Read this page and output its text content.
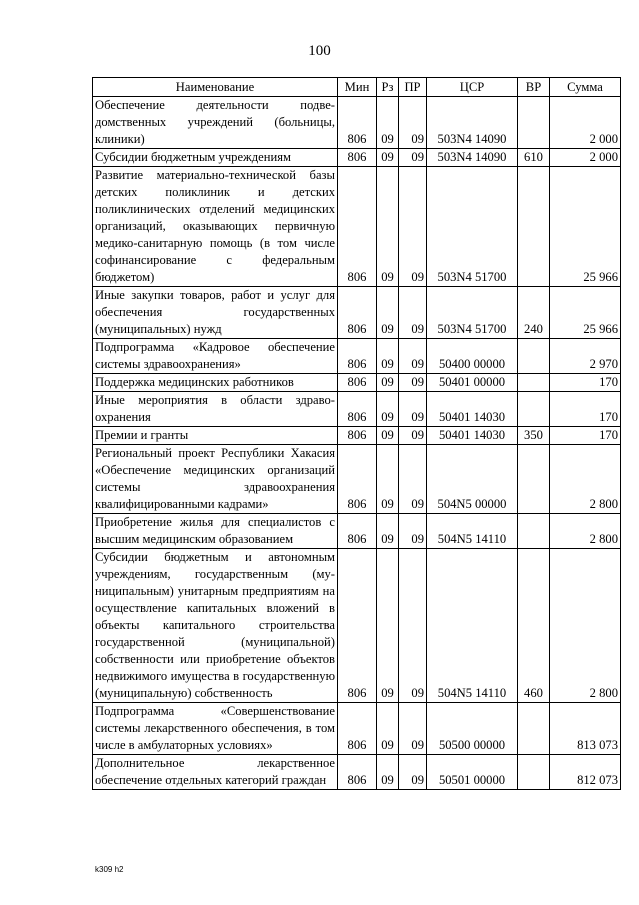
100
Наименование	Мин	Рз	ПР	ЦСР	ВР	Сумма
Обеспечение деятельности подведомственных учреждений (больницы, клиники)	806	09	09	503N4 14090		2 000
Субсидии бюджетным учреждениям	806	09	09	503N4 14090	610	2 000
Развитие материально-технической базы детских поликлиник и детских поликлинических отделений медицинских организаций, оказывающих первичную медико-санитарную помощь (в том числе софинансирование с федеральным бюджетом)	806	09	09	503N4 51700		25 966
Иные закупки товаров, работ и услуг для обеспечения государственных (муниципальных) нужд	806	09	09	503N4 51700	240	25 966
Подпрограмма «Кадровое обеспечение системы здравоохранения»	806	09	09	50400 00000		2 970
Поддержка медицинских работников	806	09	09	50401 00000		170
Иные мероприятия в области здравоохранения	806	09	09	50401 14030		170
Премии и гранты	806	09	09	50401 14030	350	170
Региональный проект Республики Хакасия «Обеспечение медицинских организаций системы здравоохранения квалифицированными кадрами»	806	09	09	504N5 00000		2 800
Приобретение жилья для специалистов с высшим медицинским образованием	806	09	09	504N5 14110		2 800
Субсидии бюджетным и автономным учреждениям, государственным (муниципальным) унитарным предприятиям на осуществление капитальных вложений в объекты капитального строительства государственной (муниципальной) собственности или приобретение объектов недвижимого имущества в государственную (муниципальную) собственность	806	09	09	504N5 14110	460	2 800
Подпрограмма «Совершенствование системы лекарственного обеспечения, в том числе в амбулаторных условиях»	806	09	09	50500 00000		813 073
Дополнительное лекарственное обеспечение отдельных категорий граждан	806	09	09	50501 00000		812 073
k309 h2
